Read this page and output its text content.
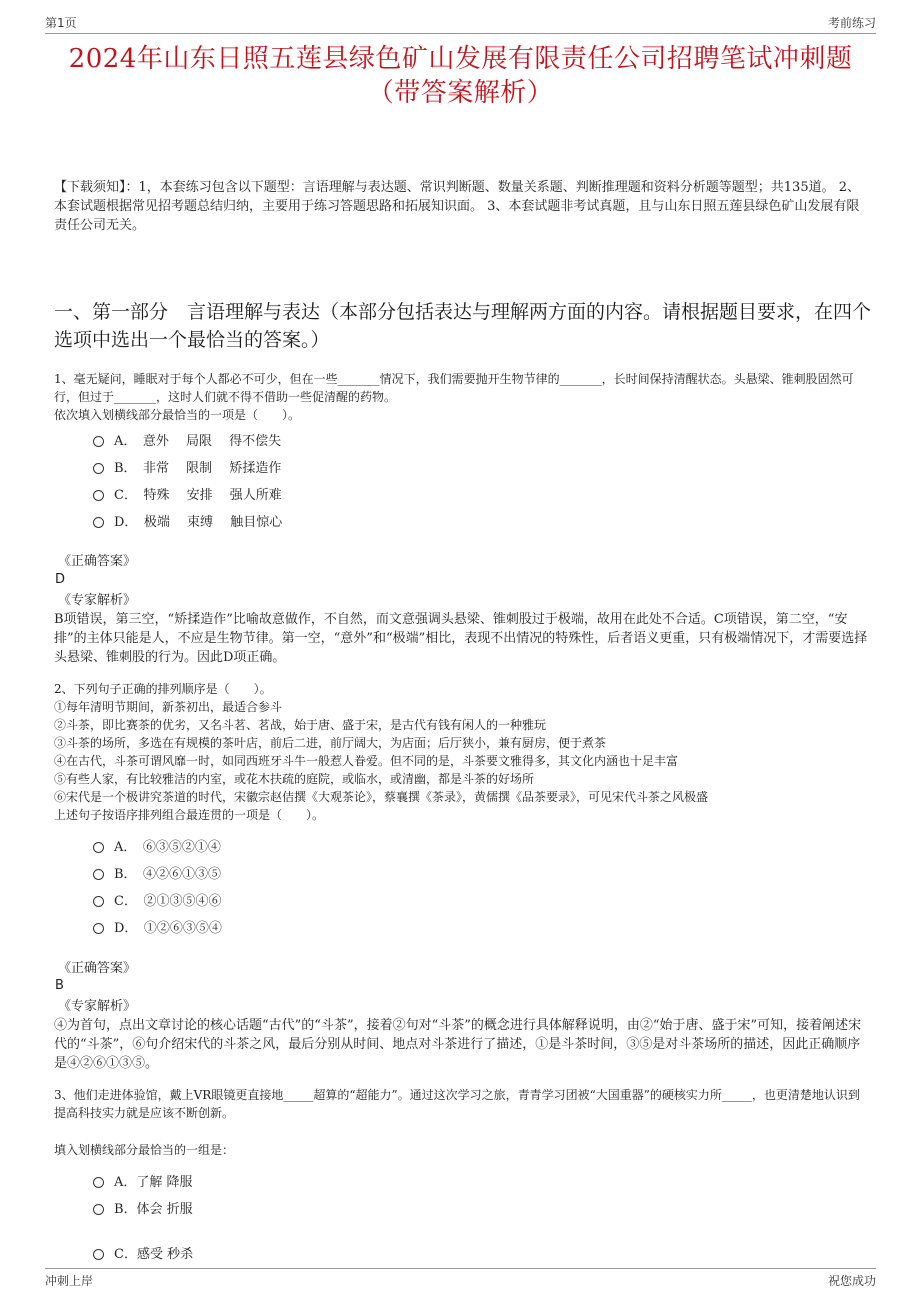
第1页	考前练习
2024年山东日照五莲县绿色矿山发展有限责任公司招聘笔试冲刺题（带答案解析）
【下载须知】：1，本套练习包含以下题型：言语理解与表达题、常识判断题、数量关系题、判断推理题和资料分析题等题型；共135道。 2、本套试题根据常见招考题总结归纳，主要用于练习答题思路和拓展知识面。 3、本套试题非考试真题，且与山东日照五莲县绿色矿山发展有限责任公司无关。
一、第一部分　言语理解与表达（本部分包括表达与理解两方面的内容。请根据题目要求，在四个选项中选出一个最恰当的答案。）
1、毫无疑问，睡眠对于每个人都必不可少，但在一些_______情况下，我们需要抛开生物节律的_______，长时间保持清醒状态。头悬梁、锥刺股固然可行，但过于_______，这时人们就不得不借助一些促清醒的药物。
依次填入划横线部分最恰当的一项是（　　）。
A．　意外　 局限　 得不偿失
B．　非常　 限制　 矫揉造作
C．　特殊　 安排　 强人所难
D．　极端　 束缚　 触目惊心
《正确答案》
D
《专家解析》
B项错误，第三空，“矫揉造作”比喻故意做作，不自然，而文意强调头悬梁、锥刺股过于极端，故用在此处不合适。C项错误，第二空，“安排”的主体只能是人，不应是生物节律。第一空，“意外”和“极端”相比，表现不出情况的特殊性，后者语义更重，只有极端情况下，才需要选择头悬梁、锥刺股的行为。因此D项正确。
2、下列句子正确的排列顺序是（　　）。
①每年清明节期间，新茶初出，最适合参斗
②斗茶，即比赛茶的优劣，又名斗茗、茗战，始于唐、盛于宋，是古代有钱有闲人的一种雅玩
③斗茶的场所，多选在有规模的茶叶店，前后二进，前厅阔大，为店面；后厅狭小，兼有厨房，便于煮茶
④在古代，斗茶可谓风靡一时，如同西班牙斗牛一般惹人眷爱。但不同的是，斗茶要文雅得多，其文化内涵也十足丰富
⑤有些人家，有比较雅洁的内室，或花木扶疏的庭院，或临水，或清幽，都是斗茶的好场所
⑥宋代是一个极讲究茶道的时代，宋徽宗赵佶撰《大观茶论》，蔡襄撰《茶录》，黄儒撰《品茶要录》，可见宋代斗茶之风极盛
上述句子按语序排列组合最连贯的一项是（　　）。
A．　⑥③⑤②①④
B．　④②⑥①③⑤
C．　②①③⑤④⑥
D．　①②⑥③⑤④
《正确答案》
B
《专家解析》
④为首句，点出文章讨论的核心话题“古代”的“斗茶”，接着②句对“斗茶”的概念进行具体解释说明，由②“始于唐、盛于宋”可知，接着阐述宋代的“斗茶”，⑥句介绍宋代的斗茶之风，最后分别从时间、地点对斗茶进行了描述，①是斗茶时间，③⑤是对斗茶场所的描述，因此正确顺序是④②⑥①③⑤。
3、他们走进体验馆，戴上VR眼镜更直接地_____超算的“超能力”。通过这次学习之旅，青青学习团被“大国重器”的硬核实力所_____，也更清楚地认识到提高科技实力就是应该不断创新。
填入划横线部分最恰当的一组是：
A．了解 降服
B．体会 折服
C．感受 秒杀
冲刺上岸	祝您成功
